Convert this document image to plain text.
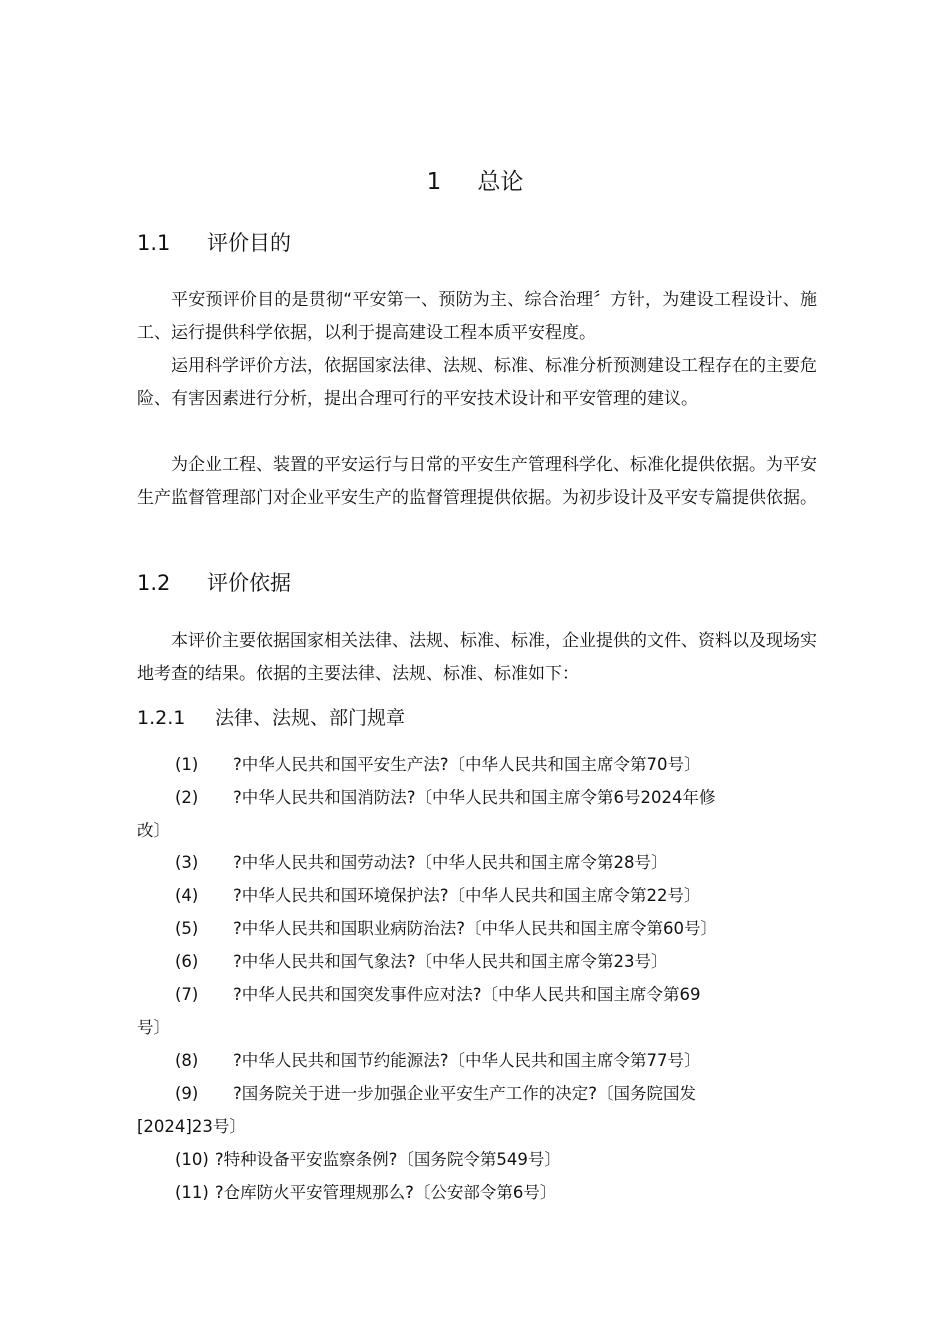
1 总论
1.1 评价目的

平安预评价目的是贯彻“平安第一、预防为主、综合治理〞方针，为建设工程设计、施工、运行提供科学依据，以利于提高建设工程本质平安程度。

运用科学评价方法，依据国家法律、法规、标准、标准分析预测建设工程存在的主要危险、有害因素进行分析，提出合理可行的平安技术设计和平安管理的建议。

为企业工程、装置的平安运行与日常的平安生产管理科学化、标准化提供依据。为平安生产监督管理部门对企业平安生产的监督管理提供依据。为初步设计及平安专篇提供依据。

1.2 评价依据

本评价主要依据国家相关法律、法规、标准、标准，企业提供的文件、资料以及现场实地考查的结果。依据的主要法律、法规、标准、标准如下：

1.2.1 法律、法规、部门规章
(1) ?中华人民共和国平安生产法?〔中华人民共和国主席令第70号〕
(2) ?中华人民共和国消防法?〔中华人民共和国主席令第6号2024年修
改〕
(3) ?中华人民共和国劳动法?〔中华人民共和国主席令第28号〕
(4) ?中华人民共和国环境保护法?〔中华人民共和国主席令第22号〕
(5) ?中华人民共和国职业病防治法?〔中华人民共和国主席令第60号〕
(6) ?中华人民共和国气象法?〔中华人民共和国主席令第23号〕
(7) ?中华人民共和国突发事件应对法?〔中华人民共和国主席令第69
号〕
(8) ?中华人民共和国节约能源法?〔中华人民共和国主席令第77号〕
(9) ?国务院关于进一步加强企业平安生产工作的决定?〔国务院国发
[2024]23号〕
(10) ?特种设备平安监察条例?〔国务院令第549号〕
(11) ?仓库防火平安管理规那么?〔公安部令第6号〕
